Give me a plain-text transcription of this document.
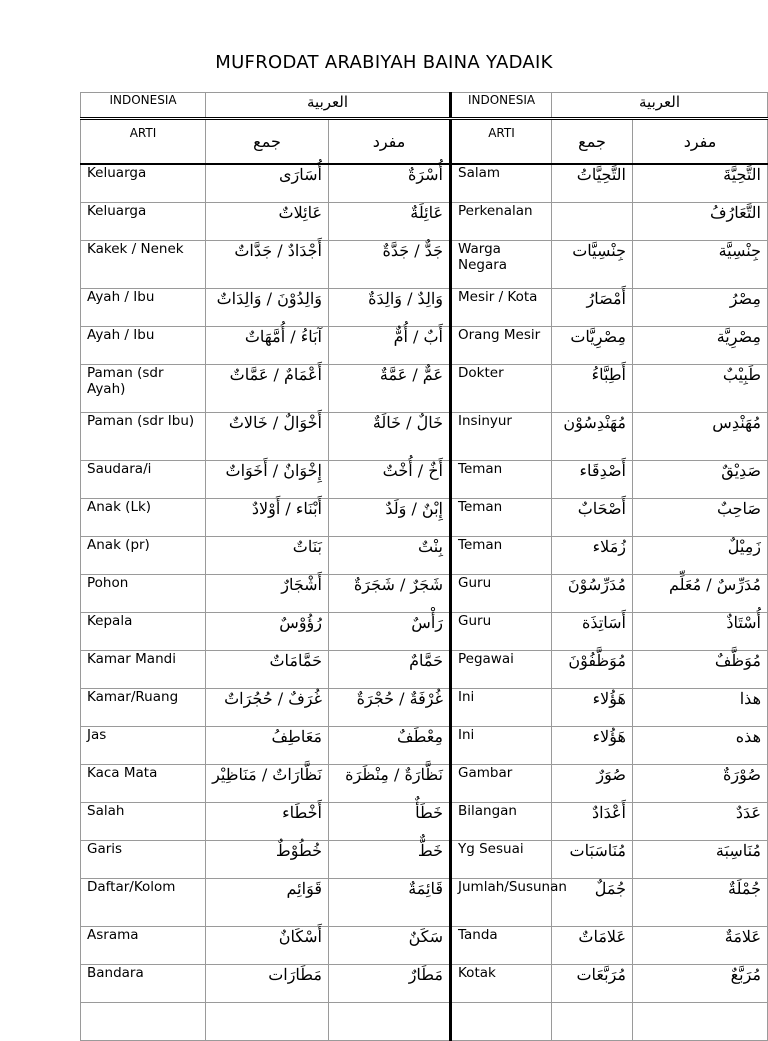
MUFRODAT ARABIYAH BAINA YADAIK
INDONESIA	العربية		INDONESIA	العربية	
ARTI	جمع	مفرد	ARTI	جمع	مفرد
Keluarga	أُسَارَى	أُسْرَةٌ	Salam	التَّحِيَّاتُ	التَّحِيَّةَ
Keluarga	عَائِلاتٌ	عَائِلَةٌ	Perkenalan		التَّعَارُفُ
Kakek / Nenek	أَجْدَادٌ / جَدَّاتٌ	جَدٌّ / جَدَّةٌ	Warga Negara	جِنْسِيَّات	جِنْسِيَّة
Ayah / Ibu	وَالِدُوْنَ / وَالِدَاتٌ	وَالِدٌ / وَالِدَةٌ	Mesir / Kota	أَمْصَارُ	مِصْرُ
Ayah / Ibu	آبَاءُ / أُمَّهَاتٌ	أَبٌ / أُمٌّ	Orang Mesir	مِصْرِيَّات	مِصْرِيَّة
Paman (sdr Ayah)	أَعْمَامٌ / عَمَّاتٌ	عَمٌّ / عَمَّةٌ	Dokter	أَطِبَّاءُ	طَبِيْبٌ
Paman (sdr Ibu)	أَخْوَالٌ / خَالاتٌ	خَالٌ / خَالَةٌ	Insinyur	مُهَنْدِسُوْن	مُهَنْدِس
Saudara/i	إِخْوَانٌ / أَخَوَاتٌ	أَخٌ / أُخْتٌ	Teman	أَصْدِقَاء	صَدِيْقٌ
Anak (Lk)	أَبْنَاء / أَوْلادٌ	إِبْنٌ / وَلَدٌ	Teman	أَصْحَابٌ	صَاحِبٌ
Anak (pr)	بَنَاتٌ	بِنْتٌ	Teman	زُمَلاء	زَمِيْلٌ
Pohon	أَشْجَارٌ	شَجَرٌ / شَجَرَةٌ	Guru	مُدَرِّسُوْنَ	مُدَرِّسٌ / مُعَلِّم
Kepala	رُؤُوْسٌ	رَأْسٌ	Guru	أَسَاتِذَة	أُسْتَاذٌ
Kamar Mandi	حَمَّامَاتٌ	حَمَّامٌ	Pegawai	مُوَظَّفُوْنَ	مُوَظَّفٌ
Kamar/Ruang	غُرَفٌ / حُجُرَاتٌ	غُرْفَةٌ / حُجْرَةٌ	Ini	هَؤُلاء	هذا
Jas	مَعَاطِفُ	مِعْطَفٌ	Ini	هَؤُلاء	هذه
Kaca Mata	نَظَّارَاتٌ / مَنَاظِيْر	نَظَّارَةٌ / مِنْظَرَة	Gambar	صُوَرٌ	صُوْرَةٌ
Salah	أَخْطَاء	خَطَأٌ	Bilangan	أَعْدَادٌ	عَدَدٌ
Garis	خُطُوْطٌ	خَطٌّ	Yg Sesuai	مُنَاسَبَات	مُنَاسِبَة
Daftar/Kolom	قَوَائِم	قَائِمَةٌ	Jumlah/Susunan	جُمَلٌ	جُمْلَةٌ
Asrama	أَسْكَانٌ	سَكَنٌ	Tanda	عَلامَاتٌ	عَلامَةٌ
Bandara	مَطَارَات	مَطَارٌ	Kotak	مُرَبَّعَات	مُرَبَّعٌ
